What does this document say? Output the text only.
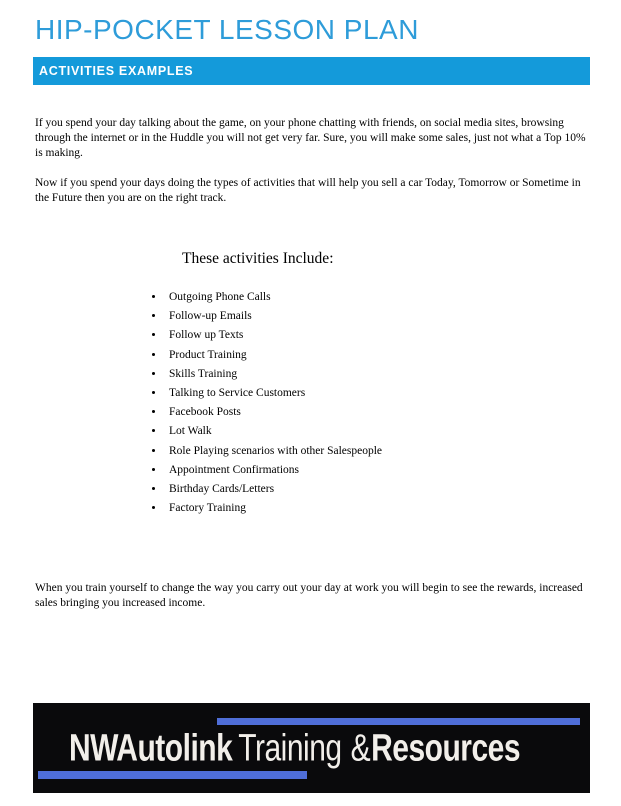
HIP-POCKET LESSON PLAN
ACTIVITIES EXAMPLES

If you spend your day talking about the game, on your phone chatting with friends, on social media sites, browsing through the internet or in the Huddle you will not get very far. Sure, you will make some sales, just not what a Top 10% is making.

Now if you spend your days doing the types of activities that will help you sell a car Today, Tomorrow or Sometime in the Future then you are on the right track.

These activities Include:

• Outgoing Phone Calls
• Follow-up Emails
• Follow up Texts
• Product Training
• Skills Training
• Talking to Service Customers
• Facebook Posts
• Lot Walk
• Role Playing scenarios with other Salespeople
• Appointment Confirmations
• Birthday Cards/Letters
• Factory Training

When you train yourself to change the way you carry out your day at work you will begin to see the rewards, increased sales bringing you increased income.

NWAutolink Training &Resources
